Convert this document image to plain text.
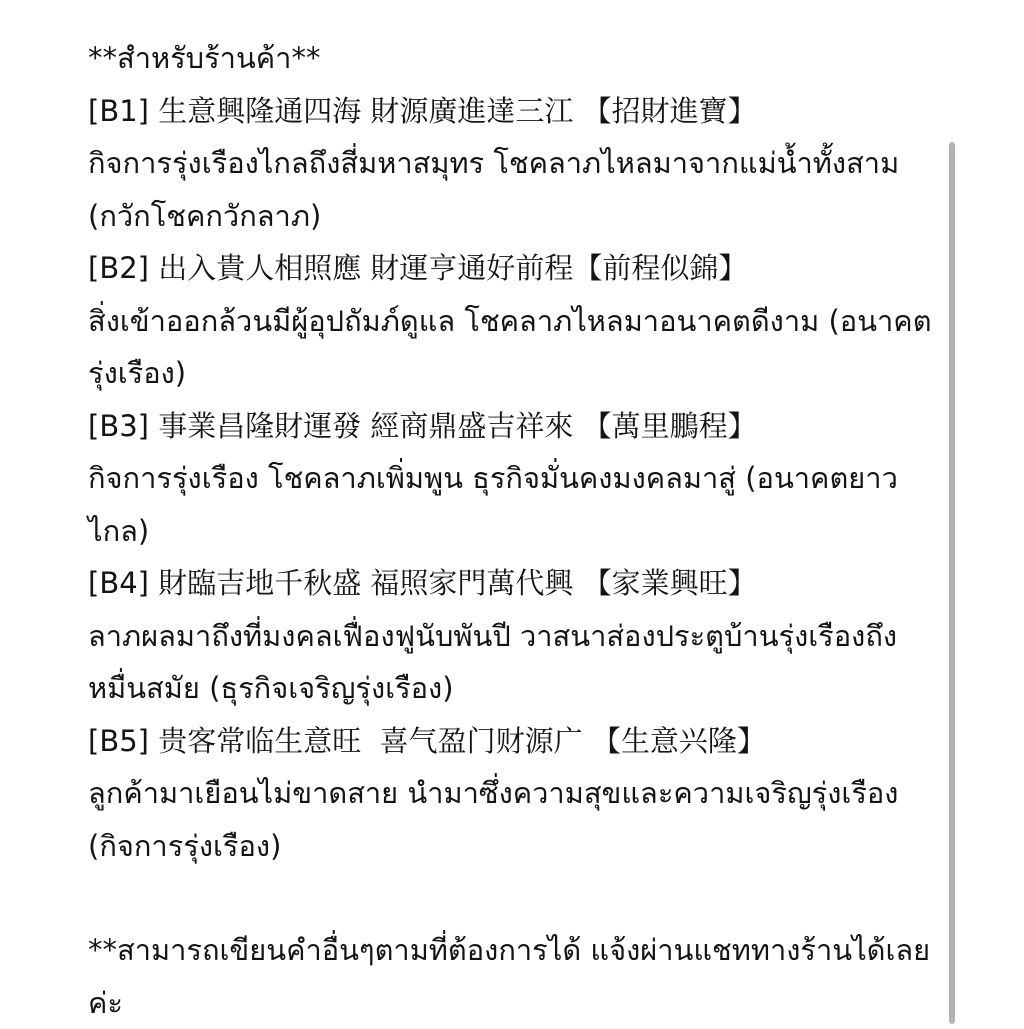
**สำหรับร้านค้า**
[B1] 生意興隆通四海 財源廣進達三江 【招財進寶】
กิจการรุ่งเรืองไกลถึงสี่มหาสมุทร โชคลาภไหลมาจากแม่น้ำทั้งสาม (กวักโชคกวักลาภ)
[B2] 出入貴人相照應 財運亨通好前程【前程似錦】
สิ่งเข้าออกล้วนมีผู้อุปถัมภ์ดูแล โชคลาภไหลมาอนาคตดีงาม (อนาคตรุ่งเรือง)
[B3] 事業昌隆財運發 經商鼎盛吉祥來 【萬里鵬程】
กิจการรุ่งเรือง โชคลาภเพิ่มพูน ธุรกิจมั่นคงมงคลมาสู่ (อนาคตยาวไกล)
[B4] 財臨吉地千秋盛 福照家門萬代興 【家業興旺】
ลาภผลมาถึงที่มงคลเฟื่องฟูนับพันปี วาสนาส่องประตูบ้านรุ่งเรืองถึงหมื่นสมัย (ธุรกิจเจริญรุ่งเรือง)
[B5] 贵客常临生意旺  喜气盈门财源广 【生意兴隆】
ลูกค้ามาเยือนไม่ขาดสาย นำมาซึ่งความสุขและความเจริญรุ่งเรือง (กิจการรุ่งเรือง)
**สามารถเขียนคำอื่นๆตามที่ต้องการได้ แจ้งผ่านแชททางร้านได้เลยค่ะ
